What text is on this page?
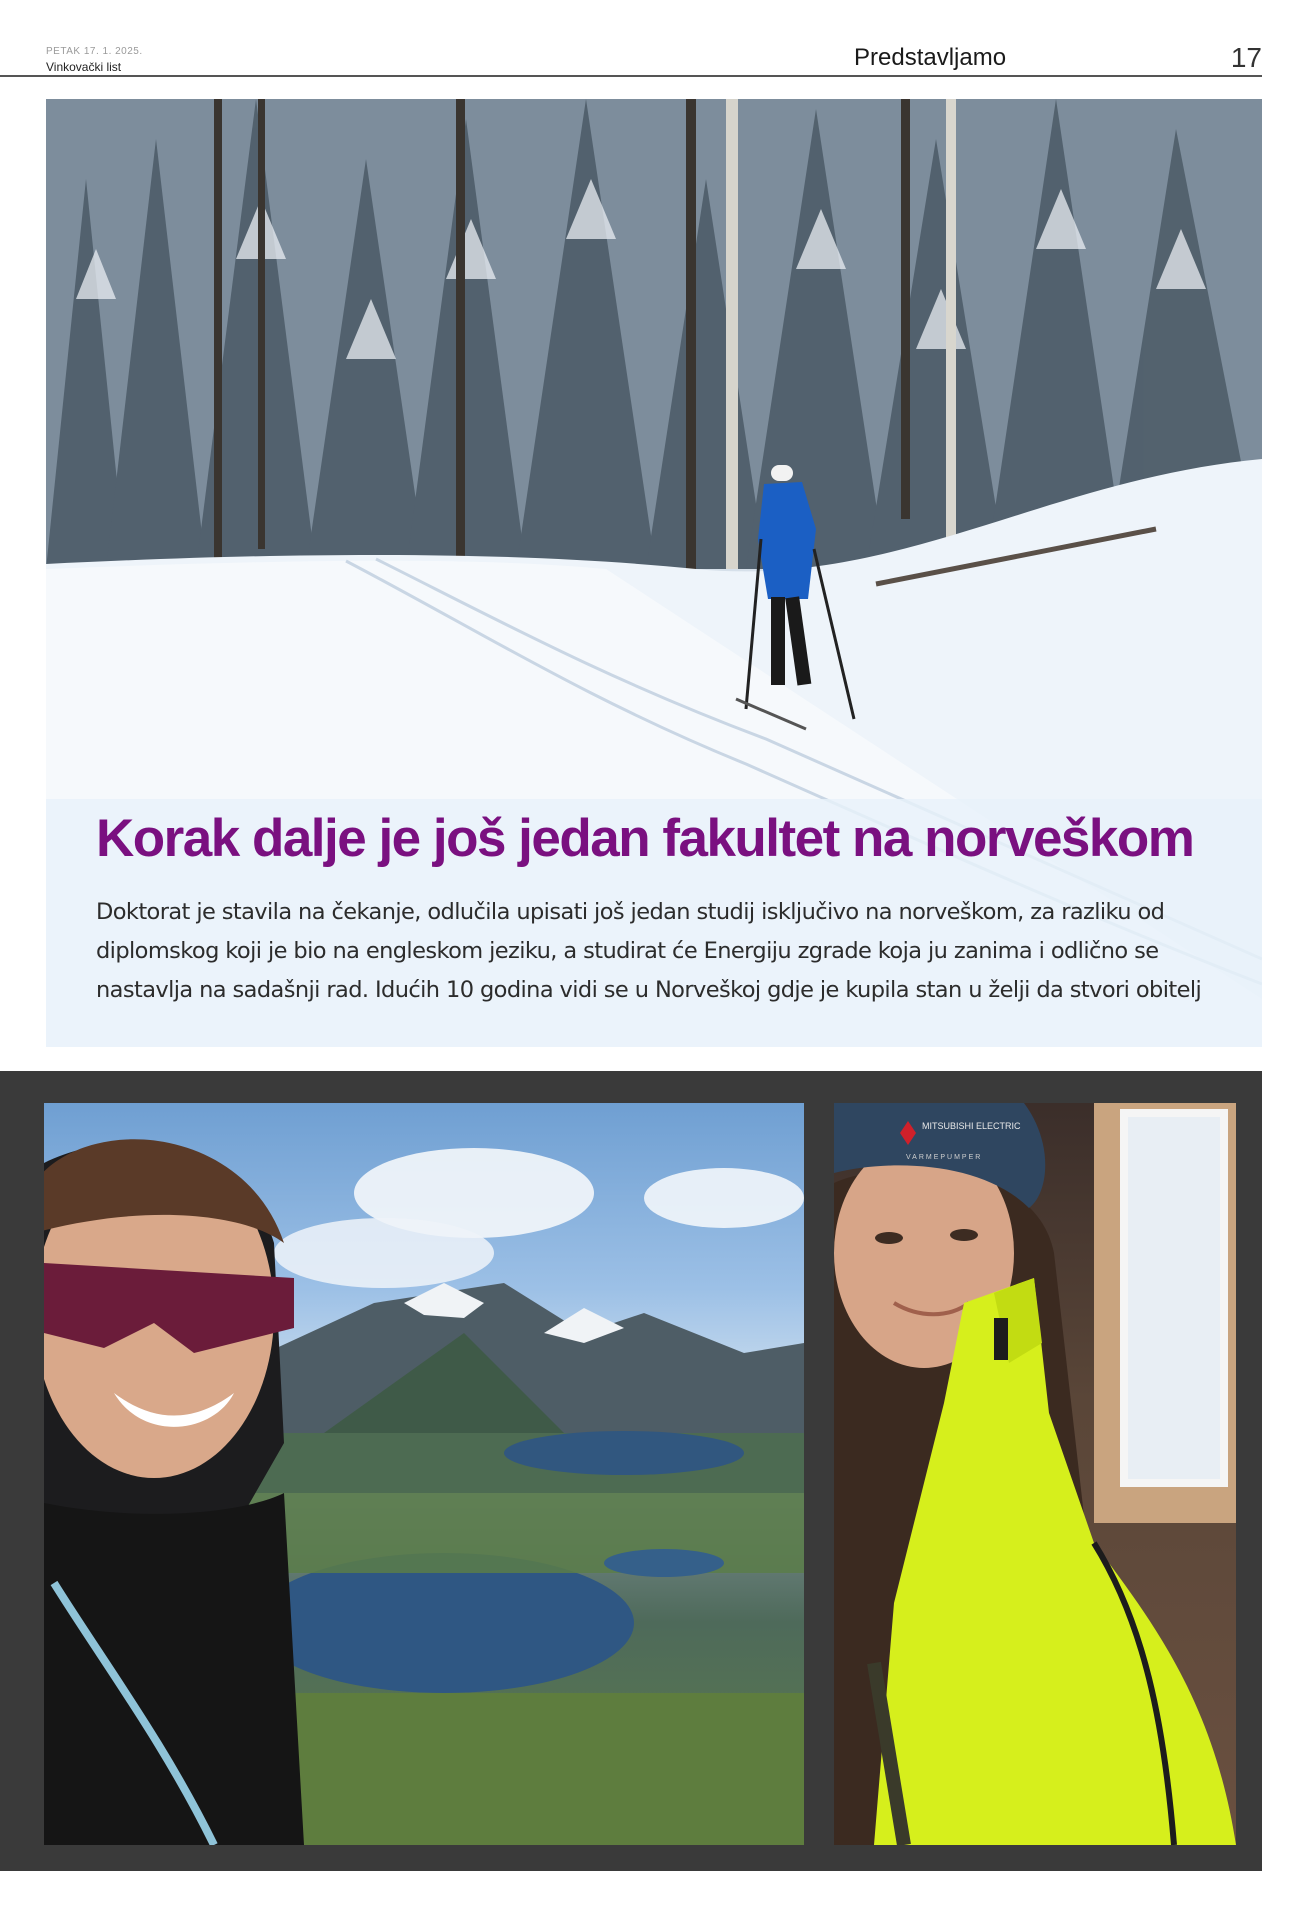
PETAK 17. 1. 2025.
Vinkovački list	Predstavljamo	17
Korak dalje je još jedan fakultet na norveškom
Doktorat je stavila na čekanje, odlučila upisati još jedan studij isključivo na norveškom, za razliku od diplomskog koji je bio na engleskom jeziku, a studirat će Energiju zgrade koja ju zanima i odlično se nastavlja na sadašnji rad. Idućih 10 godina vidi se u Norveškoj gdje je kupila stan u želji da stvori obitelj
MITSUBISHI ELECTRIC
VARMEPUMPER
